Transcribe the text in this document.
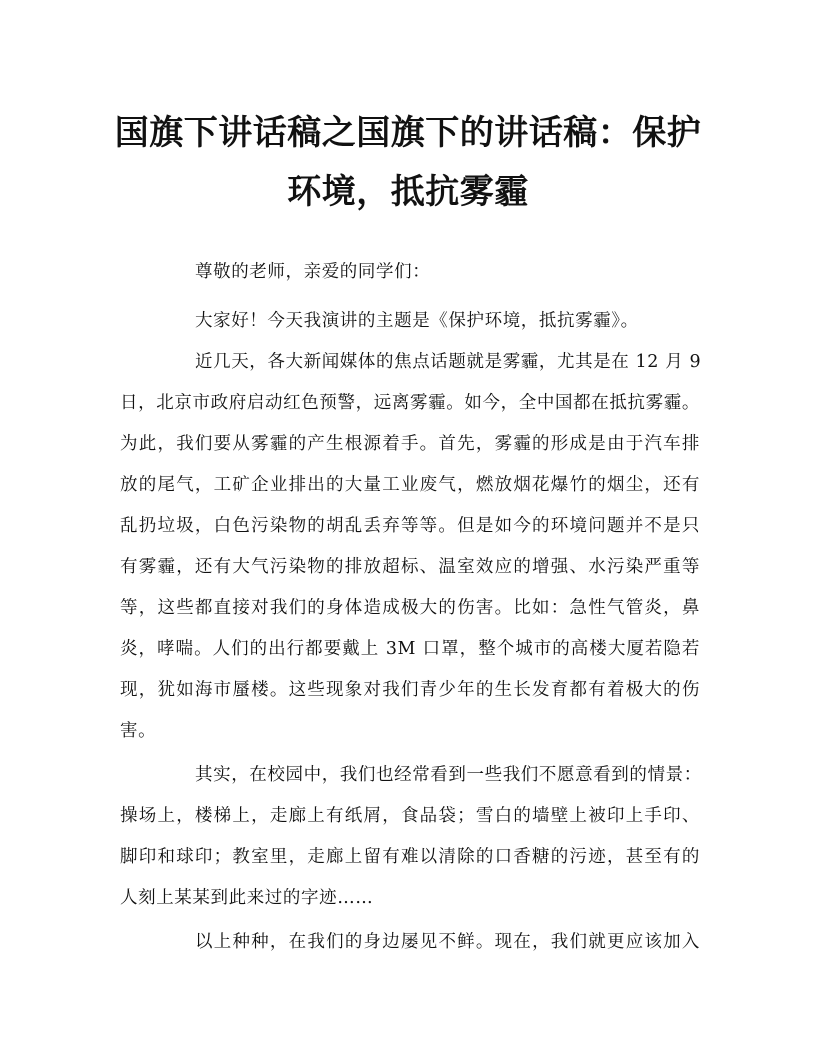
国旗下讲话稿之国旗下的讲话稿：保护
环境，抵抗雾霾
尊敬的老师，亲爱的同学们：
大家好！今天我演讲的主题是《保护环境，抵抗雾霾》。
近几天，各大新闻媒体的焦点话题就是雾霾，尤其是在 12 月 9
日，北京市政府启动红色预警，远离雾霾。如今，全中国都在抵抗雾霾。
为此，我们要从雾霾的产生根源着手。首先，雾霾的形成是由于汽车排
放的尾气，工矿企业排出的大量工业废气，燃放烟花爆竹的烟尘，还有
乱扔垃圾，白色污染物的胡乱丢弃等等。但是如今的环境问题并不是只
有雾霾，还有大气污染物的排放超标、温室效应的增强、水污染严重等
等，这些都直接对我们的身体造成极大的伤害。比如：急性气管炎，鼻
炎，哮喘。人们的出行都要戴上 3M 口罩，整个城市的高楼大厦若隐若
现，犹如海市蜃楼。这些现象对我们青少年的生长发育都有着极大的伤
害。
其实，在校园中，我们也经常看到一些我们不愿意看到的情景：
操场上，楼梯上，走廊上有纸屑，食品袋；雪白的墙壁上被印上手印、
脚印和球印；教室里，走廊上留有难以清除的口香糖的污迹，甚至有的
人刻上某某到此来过的字迹……
以上种种，在我们的身边屡见不鲜。现在，我们就更应该加入
